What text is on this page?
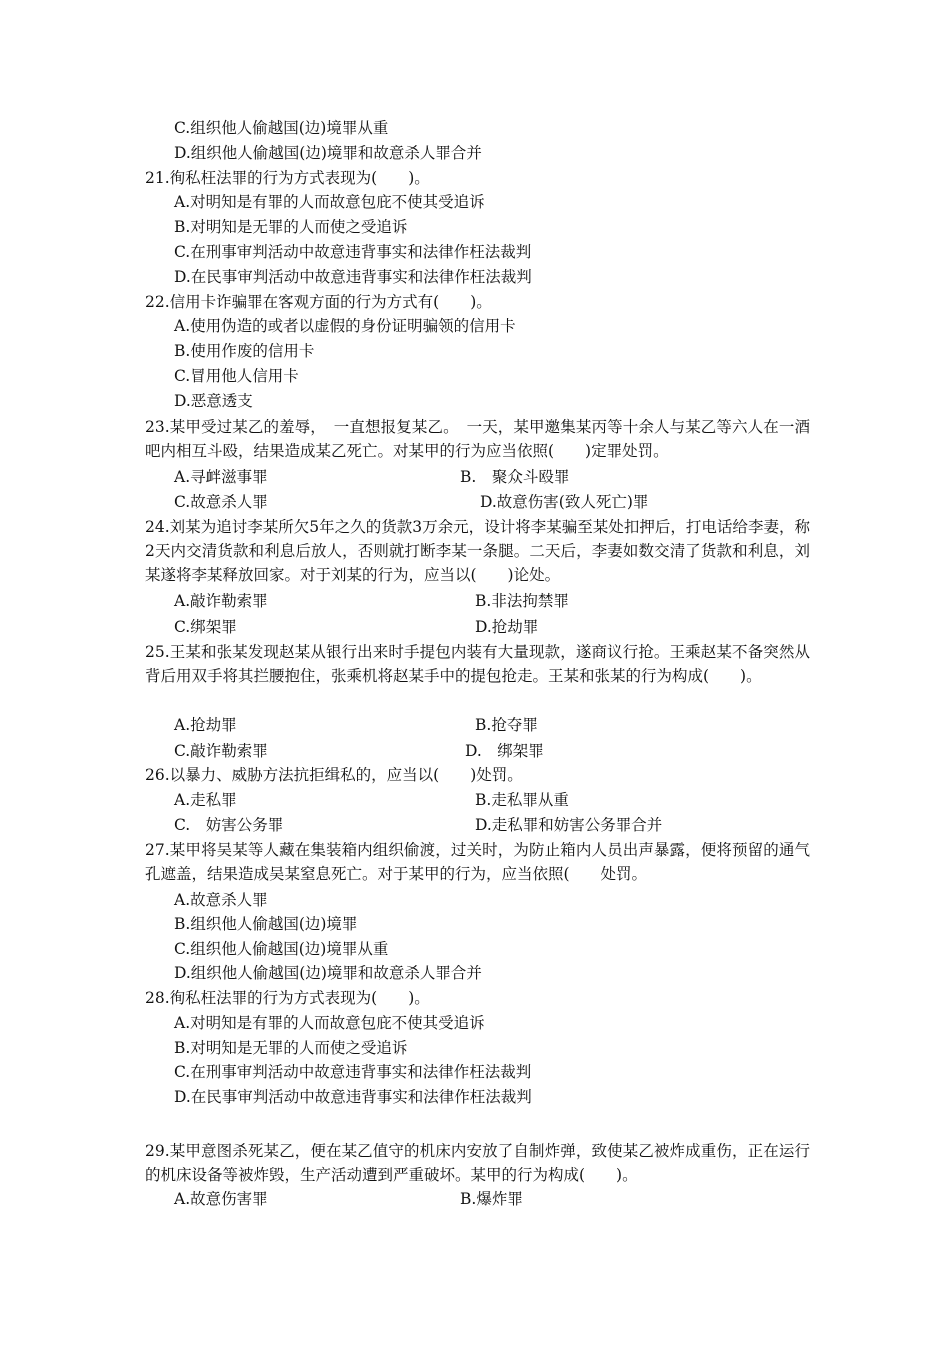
C.组织他人偷越国(边)境罪从重
D.组织他人偷越国(边)境罪和故意杀人罪合并
21.徇私枉法罪的行为方式表现为(　　)。
A.对明知是有罪的人而故意包庇不使其受追诉
B.对明知是无罪的人而使之受追诉
C.在刑事审判活动中故意违背事实和法律作枉法裁判
D.在民事审判活动中故意违背事实和法律作枉法裁判
22.信用卡诈骗罪在客观方面的行为方式有(　　)。
A.使用伪造的或者以虚假的身份证明骗领的信用卡
B.使用作废的信用卡
C.冒用他人信用卡
D.恶意透支
23.某甲受过某乙的羞辱，　一直想报复某乙。　一天，某甲邀集某丙等十余人与某乙等六人在一酒吧内相互斗殴，结果造成某乙死亡。对某甲的行为应当依照(　　)定罪处罚。
A.寻衅滋事罪	B.　聚众斗殴罪
C.故意杀人罪	D.故意伤害(致人死亡)罪
24.刘某为追讨李某所欠5年之久的货款3万余元，设计将李某骗至某处扣押后，打电话给李妻，称2天内交清货款和利息后放人，否则就打断李某一条腿。二天后，李妻如数交清了货款和利息，刘某遂将李某释放回家。对于刘某的行为，应当以(　　)论处。
A.敲诈勒索罪	B.非法拘禁罪
C.绑架罪	D.抢劫罪
25.王某和张某发现赵某从银行出来时手提包内装有大量现款，遂商议行抢。王乘赵某不备突然从背后用双手将其拦腰抱住，张乘机将赵某手中的提包抢走。王某和张某的行为构成(　　)。
A.抢劫罪	B.抢夺罪
C.敲诈勒索罪	D.　绑架罪
26.以暴力、威胁方法抗拒缉私的，应当以(　　)处罚。
A.走私罪	B.走私罪从重
C.　妨害公务罪	D.走私罪和妨害公务罪合并
27.某甲将吴某等人藏在集装箱内组织偷渡，过关时，为防止箱内人员出声暴露，便将预留的通气孔遮盖，结果造成吴某窒息死亡。对于某甲的行为，应当依照(　　处罚。
A.故意杀人罪
B.组织他人偷越国(边)境罪
C.组织他人偷越国(边)境罪从重
D.组织他人偷越国(边)境罪和故意杀人罪合并
28.徇私枉法罪的行为方式表现为(　　)。
A.对明知是有罪的人而故意包庇不使其受追诉
B.对明知是无罪的人而使之受追诉
C.在刑事审判活动中故意违背事实和法律作枉法裁判
D.在民事审判活动中故意违背事实和法律作枉法裁判
29.某甲意图杀死某乙，便在某乙值守的机床内安放了自制炸弹，致使某乙被炸成重伤，正在运行的机床设备等被炸毁，生产活动遭到严重破坏。某甲的行为构成(　　)。
A.故意伤害罪	B.爆炸罪
